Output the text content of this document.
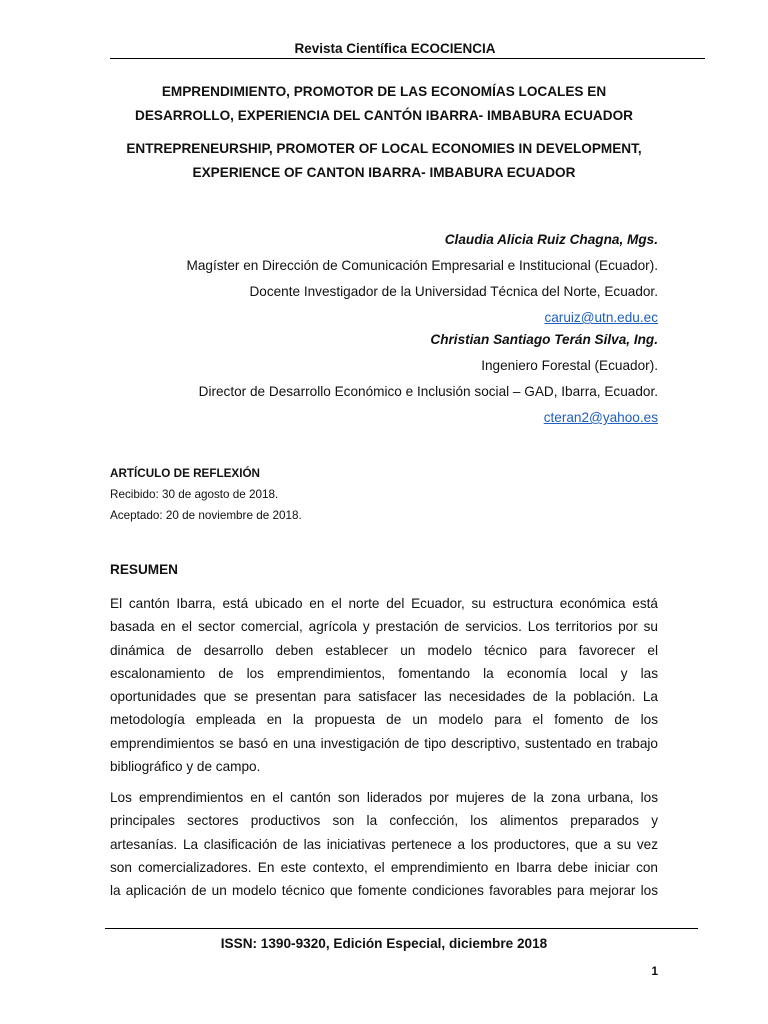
Revista Científica ECOCIENCIA
EMPRENDIMIENTO, PROMOTOR DE LAS ECONOMÍAS LOCALES EN
DESARROLLO, EXPERIENCIA DEL CANTÓN IBARRA- IMBABURA ECUADOR
ENTREPRENEURSHIP, PROMOTER OF LOCAL ECONOMIES IN DEVELOPMENT,
EXPERIENCE OF CANTON IBARRA- IMBABURA ECUADOR
Claudia Alicia Ruiz Chagna, Mgs.
Magíster en Dirección de Comunicación Empresarial e Institucional (Ecuador).
Docente Investigador de la Universidad Técnica del Norte, Ecuador.
caruiz@utn.edu.ec
Christian Santiago Terán Silva, Ing.
Ingeniero Forestal (Ecuador).
Director de Desarrollo Económico e Inclusión social – GAD, Ibarra, Ecuador.
cteran2@yahoo.es
ARTÍCULO DE REFLEXIÓN
Recibido: 30 de agosto de 2018.
Aceptado: 20 de noviembre de 2018.
RESUMEN
El cantón Ibarra, está ubicado en el norte del Ecuador, su estructura económica está
basada en el sector comercial, agrícola y prestación de servicios. Los territorios por su
dinámica de desarrollo deben establecer un modelo técnico para favorecer el
escalonamiento de los emprendimientos, fomentando la economía local y las
oportunidades que se presentan para satisfacer las necesidades de la población. La
metodología empleada en la propuesta de un modelo para el fomento de los
emprendimientos se basó en una investigación de tipo descriptivo, sustentado en trabajo
bibliográfico y de campo.
Los emprendimientos en el cantón son liderados por mujeres de la zona urbana, los
principales sectores productivos son la confección, los alimentos preparados y
artesanías. La clasificación de las iniciativas pertenece a los productores, que a su vez
son comercializadores. En este contexto, el emprendimiento en Ibarra debe iniciar con
la aplicación de un modelo técnico que fomente condiciones favorables para mejorar los
ISSN: 1390-9320, Edición Especial, diciembre 2018
1
